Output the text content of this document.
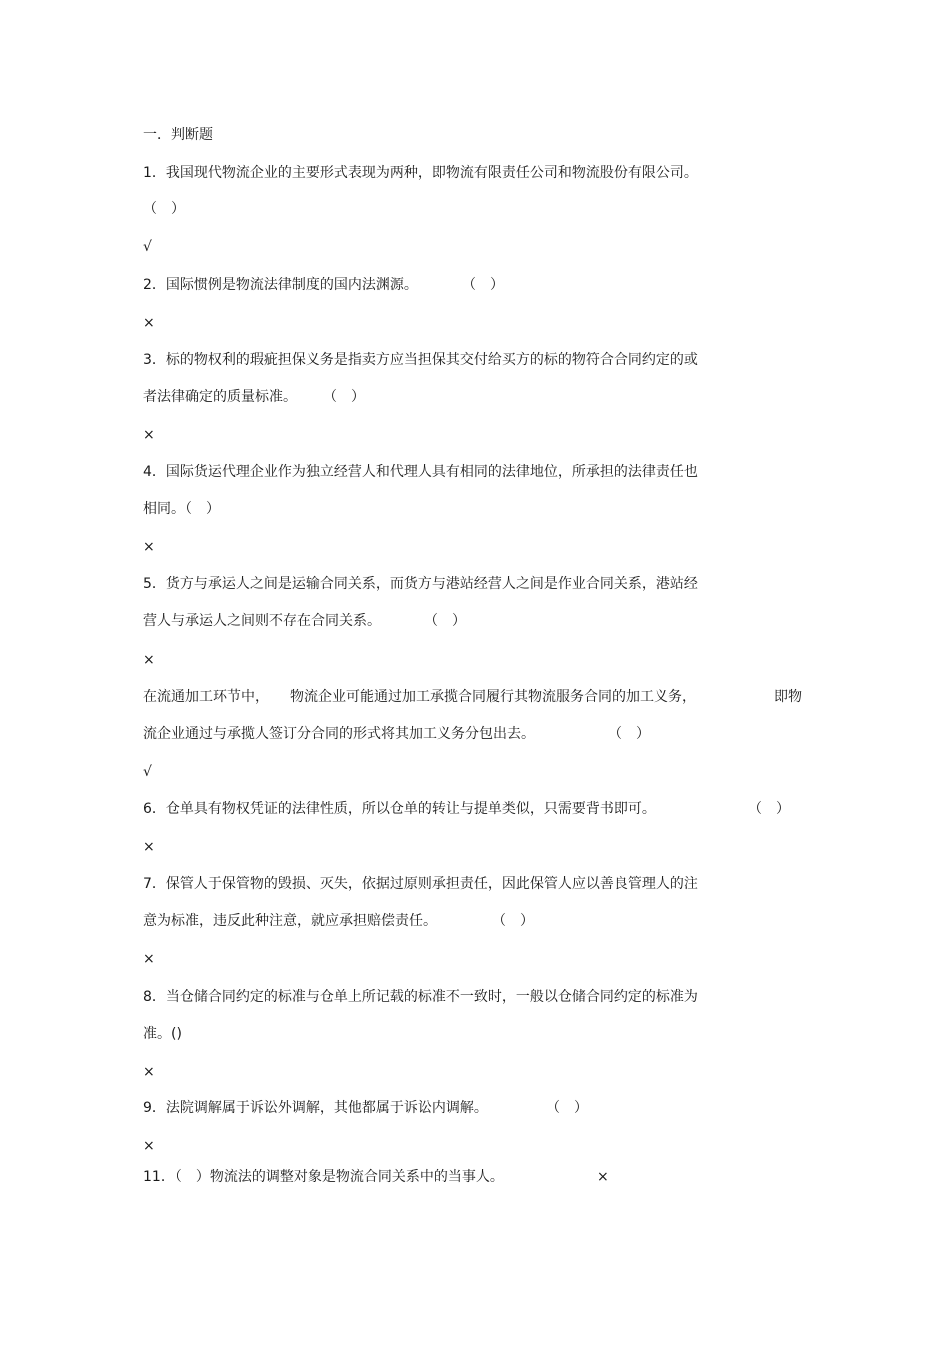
一．判断题
1．我国现代物流企业的主要形式表现为两种，即物流有限责任公司和物流股份有限公司。
（　）
√
2．国际惯例是物流法律制度的国内法渊源。	（　）
×
3．标的物权利的瑕疵担保义务是指卖方应当担保其交付给买方的标的物符合合同约定的或
者法律确定的质量标准。 （　）
×
4．国际货运代理企业作为独立经营人和代理人具有相同的法律地位，所承担的法律责任也
相同。（　）
×
5．货方与承运人之间是运输合同关系，而货方与港站经营人之间是作业合同关系，港站经
营人与承运人之间则不存在合同关系。	（　）
×
在流通加工环节中， 物流企业可能通过加工承揽合同履行其物流服务合同的加工义务，	即物
流企业通过与承揽人签订分合同的形式将其加工义务分包出去。	（　）
√
6．仓单具有物权凭证的法律性质，所以仓单的转让与提单类似，只需要背书即可。	（　）
×
7．保管人于保管物的毁损、灭失，依据过原则承担责任，因此保管人应以善良管理人的注
意为标准，违反此种注意，就应承担赔偿责任。	（　）
×
8．当仓储合同约定的标准与仓单上所记载的标准不一致时，一般以仓储合同约定的标准为
准。()
×
9．法院调解属于诉讼外调解，其他都属于诉讼内调解。	（　）
×
11．（　）物流法的调整对象是物流合同关系中的当事人。	×
